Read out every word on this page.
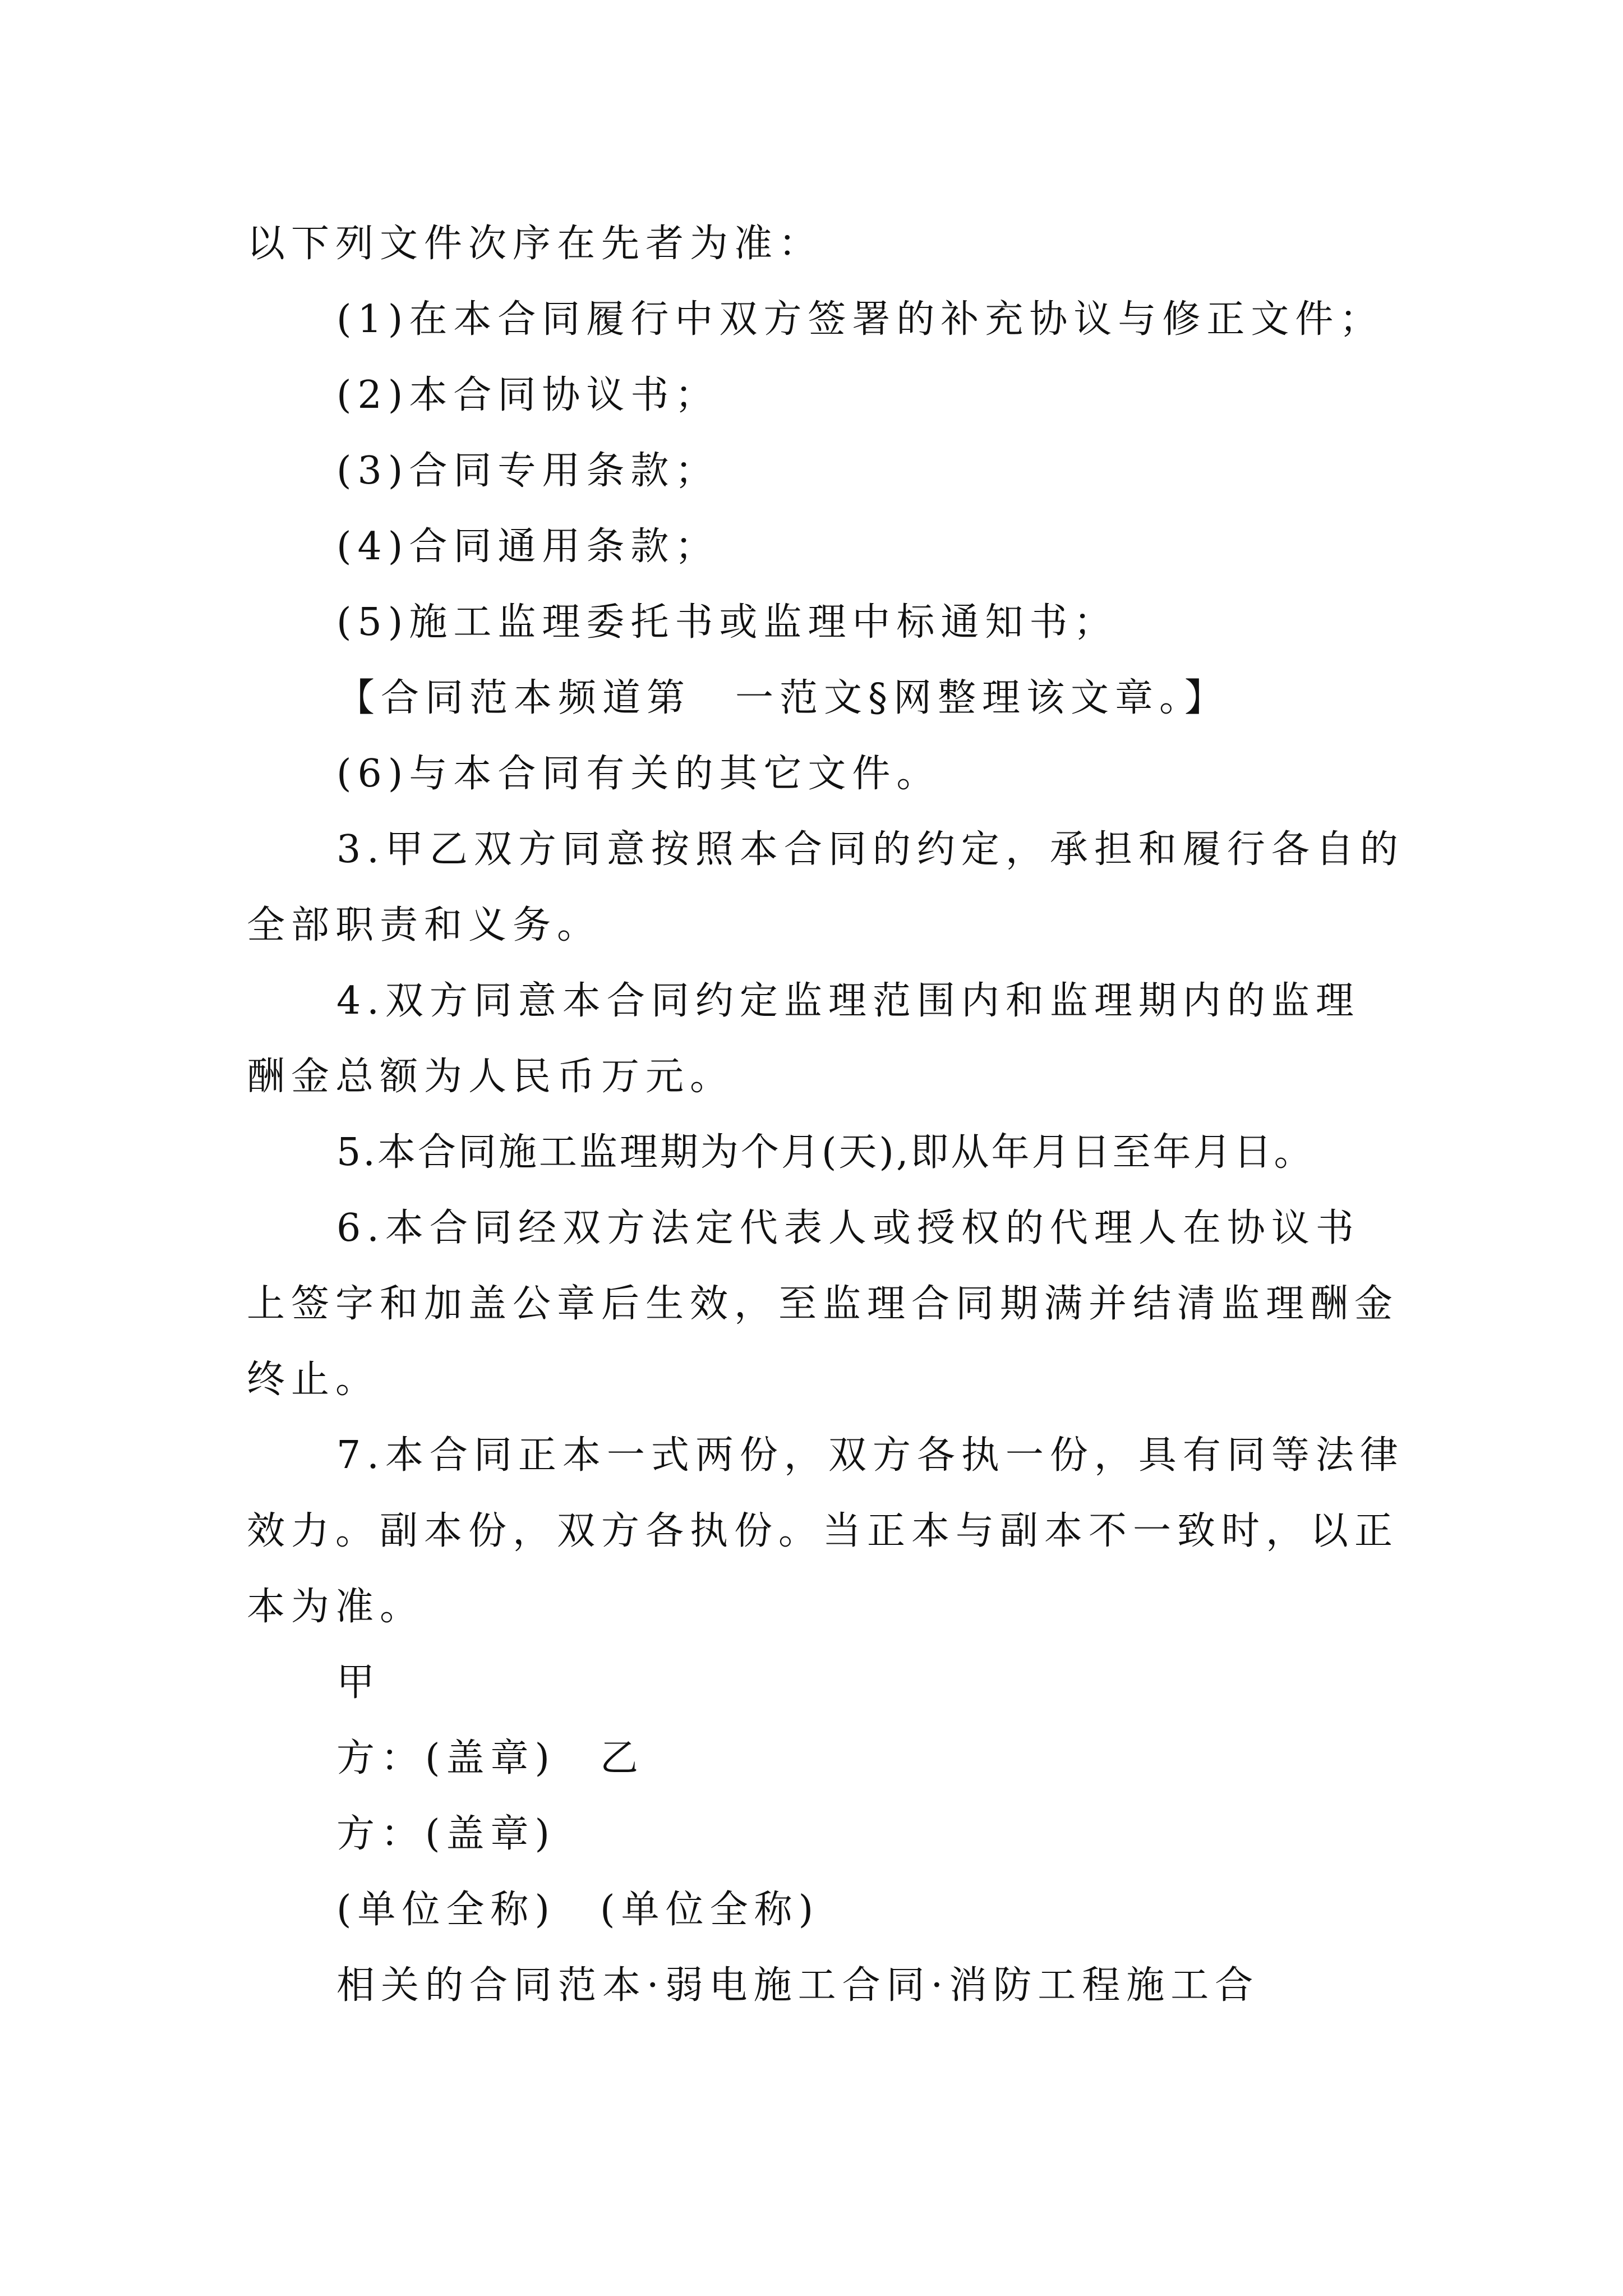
以下列文件次序在先者为准：
(1)在本合同履行中双方签署的补充协议与修正文件；
(2)本合同协议书；
(3)合同专用条款；
(4)合同通用条款；
(5)施工监理委托书或监理中标通知书；
【合同范本频道第　一范文§网整理该文章。】
(6)与本合同有关的其它文件。
3.甲乙双方同意按照本合同的约定，承担和履行各自的
全部职责和义务。
4.双方同意本合同约定监理范围内和监理期内的监理
酬金总额为人民币万元。
5.本合同施工监理期为个月(天),即从年月日至年月日。
6.本合同经双方法定代表人或授权的代理人在协议书
上签字和加盖公章后生效，至监理合同期满并结清监理酬金
终止。
7.本合同正本一式两份，双方各执一份，具有同等法律
效力。副本份，双方各执份。当正本与副本不一致时，以正
本为准。
甲
方：(盖章)　乙
方：(盖章)
(单位全称)　(单位全称)
相关的合同范本·弱电施工合同·消防工程施工合
